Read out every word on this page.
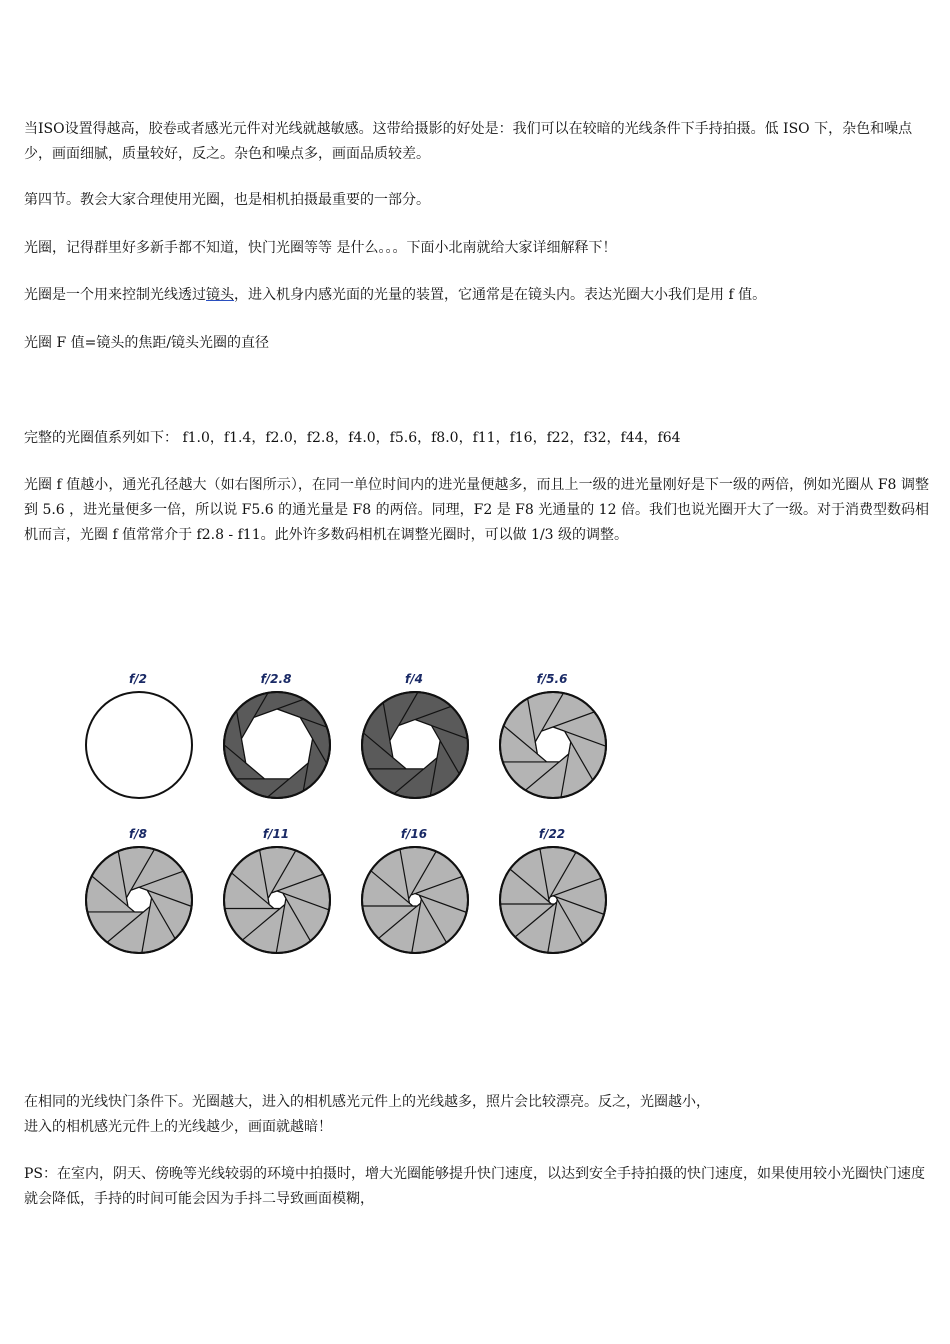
当ISO设置得越高，胶卷或者感光元件对光线就越敏感。这带给摄影的好处是：我们可以在较暗的光线条件下手持拍摄。低 ISO 下，杂色和噪点少，画面细腻，质量较好，反之。杂色和噪点多，画面品质较差。

第四节。教会大家合理使用光圈，也是相机拍摄最重要的一部分。

光圈，记得群里好多新手都不知道，快门光圈等等 是什么。。。下面小北南就给大家详细解释下！

光圈是一个用来控制光线透过镜头，进入机身内感光面的光量的装置，它通常是在镜头内。表达光圈大小我们是用 f 值。

光圈 F 值=镜头的焦距/镜头光圈的直径

完整的光圈值系列如下： f1.0，f1.4，f2.0，f2.8，f4.0，f5.6，f8.0，f11，f16，f22，f32，f44，f64

光圈 f 值越小，通光孔径越大（如右图所示），在同一单位时间内的进光量便越多，而且上一级的进光量刚好是下一级的两倍，例如光圈从 F8 调整到 5.6 ，进光量便多一倍，所以说 F5.6 的通光量是 F8 的两倍。同理，F2 是 F8 光通量的 12 倍。我们也说光圈开大了一级。对于消费型数码相机而言，光圈 f 值常常介于 f2.8 - f11。此外许多数码相机在调整光圈时，可以做 1/3 级的调整。

f/2	f/2.8	f/4	f/5.6
f/8	f/11	f/16	f/22

在相同的光线快门条件下。光圈越大，进入的相机感光元件上的光线越多，照片会比较漂亮。反之，光圈越小，

进入的相机感光元件上的光线越少，画面就越暗！

PS：在室内，阴天、傍晚等光线较弱的环境中拍摄时，增大光圈能够提升快门速度，以达到安全手持拍摄的快门速度，如果使用较小光圈快门速度就会降低，手持的时间可能会因为手抖二导致画面模糊，
